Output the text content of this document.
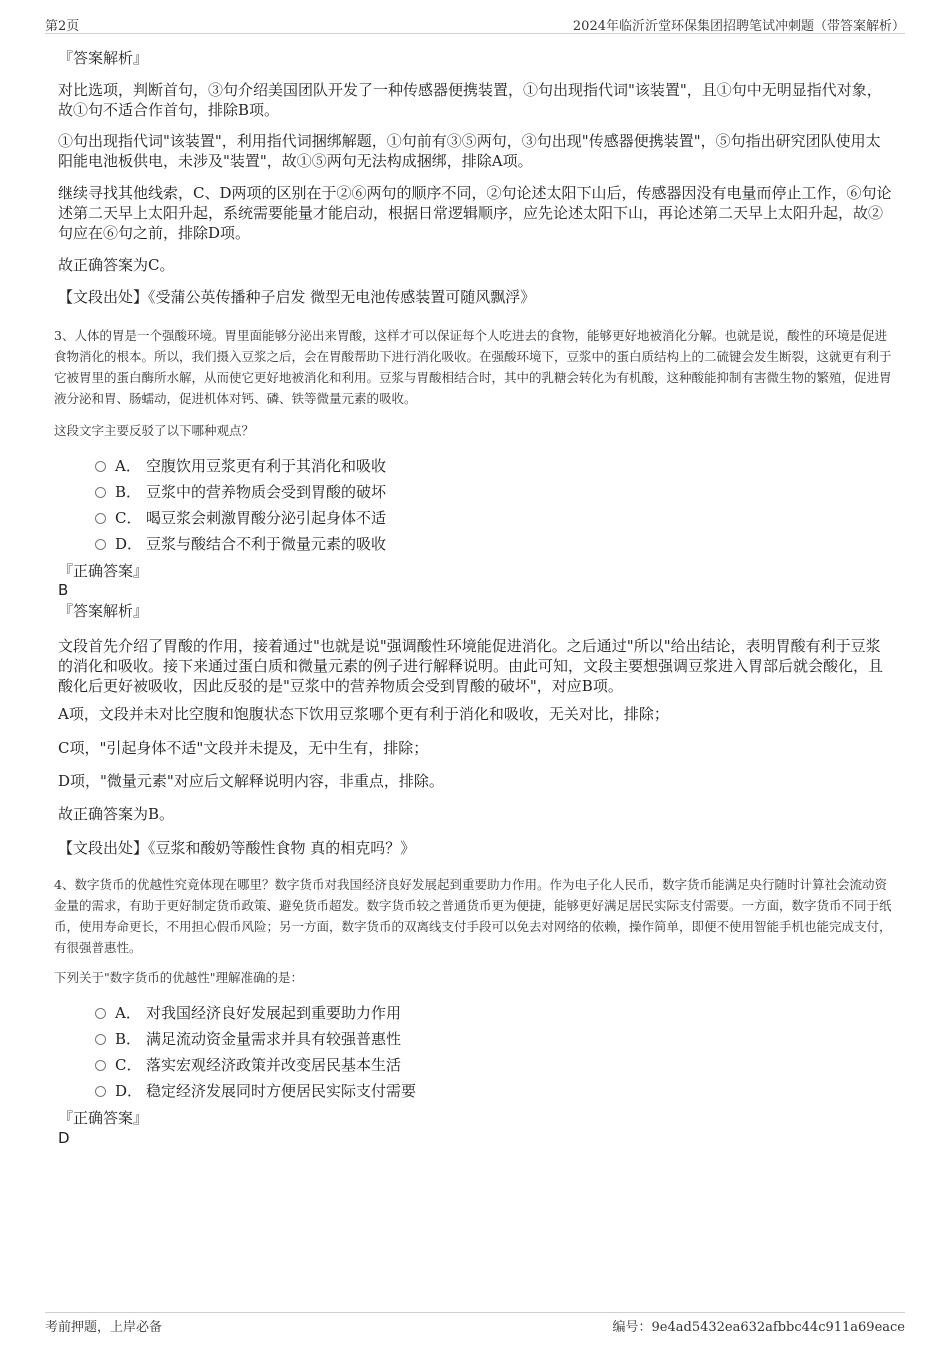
第2页	2024年临沂沂堂环保集团招聘笔试冲刺题（带答案解析）
『答案解析』

对比选项，判断首句，③句介绍美国团队开发了一种传感器便携装置，①句出现指代词"该装置"，且①句中无明显指代对象，故①句不适合作首句，排除B项。

①句出现指代词"该装置"，利用指代词捆绑解题，①句前有③⑤两句，③句出现"传感器便携装置"，⑤句指出研究团队使用太阳能电池板供电，未涉及"装置"，故①⑤两句无法构成捆绑，排除A项。

继续寻找其他线索，C、D两项的区别在于②⑥两句的顺序不同，②句论述太阳下山后，传感器因没有电量而停止工作，⑥句论述第二天早上太阳升起，系统需要能量才能启动，根据日常逻辑顺序，应先论述太阳下山，再论述第二天早上太阳升起，故②句应在⑥句之前，排除D项。

故正确答案为C。

【文段出处】《受蒲公英传播种子启发 微型无电池传感装置可随风飘浮》

3、人体的胃是一个强酸环境。胃里面能够分泌出来胃酸，这样才可以保证每个人吃进去的食物，能够更好地被消化分解。也就是说，酸性的环境是促进食物消化的根本。所以，我们摄入豆浆之后，会在胃酸帮助下进行消化吸收。在强酸环境下，豆浆中的蛋白质结构上的二硫键会发生断裂，这就更有利于它被胃里的蛋白酶所水解，从而使它更好地被消化和利用。豆浆与胃酸相结合时，其中的乳糖会转化为有机酸，这种酸能抑制有害微生物的繁殖，促进胃液分泌和胃、肠蠕动，促进机体对钙、磷、铁等微量元素的吸收。

这段文字主要反驳了以下哪种观点？
A． 空腹饮用豆浆更有利于其消化和吸收
B． 豆浆中的营养物质会受到胃酸的破坏
C． 喝豆浆会刺激胃酸分泌引起身体不适
D． 豆浆与酸结合不利于微量元素的吸收
『正确答案』
B
『答案解析』

文段首先介绍了胃酸的作用，接着通过"也就是说"强调酸性环境能促进消化。之后通过"所以"给出结论，表明胃酸有利于豆浆的消化和吸收。接下来通过蛋白质和微量元素的例子进行解释说明。由此可知，文段主要想强调豆浆进入胃部后就会酸化，且酸化后更好被吸收，因此反驳的是"豆浆中的营养物质会受到胃酸的破坏"，对应B项。

A项，文段并未对比空腹和饱腹状态下饮用豆浆哪个更有利于消化和吸收，无关对比，排除；

C项，"引起身体不适"文段并未提及，无中生有，排除；

D项，"微量元素"对应后文解释说明内容，非重点，排除。

故正确答案为B。

【文段出处】《豆浆和酸奶等酸性食物 真的相克吗？》

4、数字货币的优越性究竟体现在哪里？数字货币对我国经济良好发展起到重要助力作用。作为电子化人民币，数字货币能满足央行随时计算社会流动资金量的需求，有助于更好制定货币政策、避免货币超发。数字货币较之普通货币更为便捷，能够更好满足居民实际支付需要。一方面，数字货币不同于纸币，使用寿命更长，不用担心假币风险；另一方面，数字货币的双离线支付手段可以免去对网络的依赖，操作简单，即便不使用智能手机也能完成支付，有很强普惠性。

下列关于"数字货币的优越性"理解准确的是：
A． 对我国经济良好发展起到重要助力作用
B． 满足流动资金量需求并具有较强普惠性
C． 落实宏观经济政策并改变居民基本生活
D． 稳定经济发展同时方便居民实际支付需要
『正确答案』
D
考前押题，上岸必备	编号：9e4ad5432ea632afbbc44c911a69eace
